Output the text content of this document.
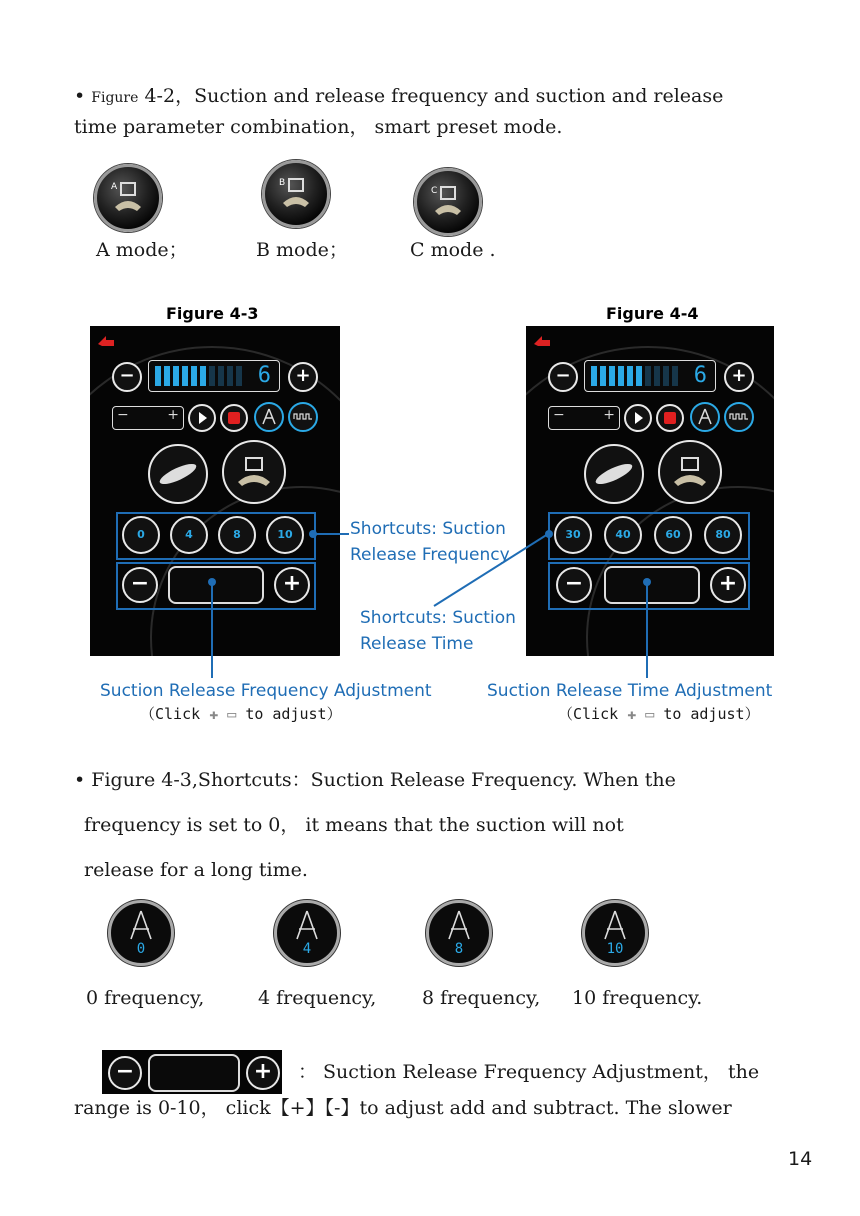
• Figure 4-2，Suction and release frequency and suction and release
time parameter combination， smart preset mode.
A	B
C
A mode；	B mode；	C mode .
Figure 4-3	Figure 4-4
−	6	+
−	+
0	4	8	10
−	+
−	6	+
−	+
30	40	60	80
−	+
Shortcuts: Suction
Release Frequency
Shortcuts: Suction
Release Time
Suction Release Frequency Adjustment
（Click ✚ ▭ to adjust）
Suction Release Time Adjustment
（Click ✚ ▭ to adjust）
• Figure 4-3,Shortcuts：Suction Release Frequency. When the
frequency is set to 0， it means that the suction will not
release for a long time.
0	4	8	10
0 frequency,	4 frequency, 8 frequency, 10 frequency.
−	+	： Suction Release Frequency Adjustment， the
range is 0-10， click【+】【-】to adjust add and subtract. The slower
14
